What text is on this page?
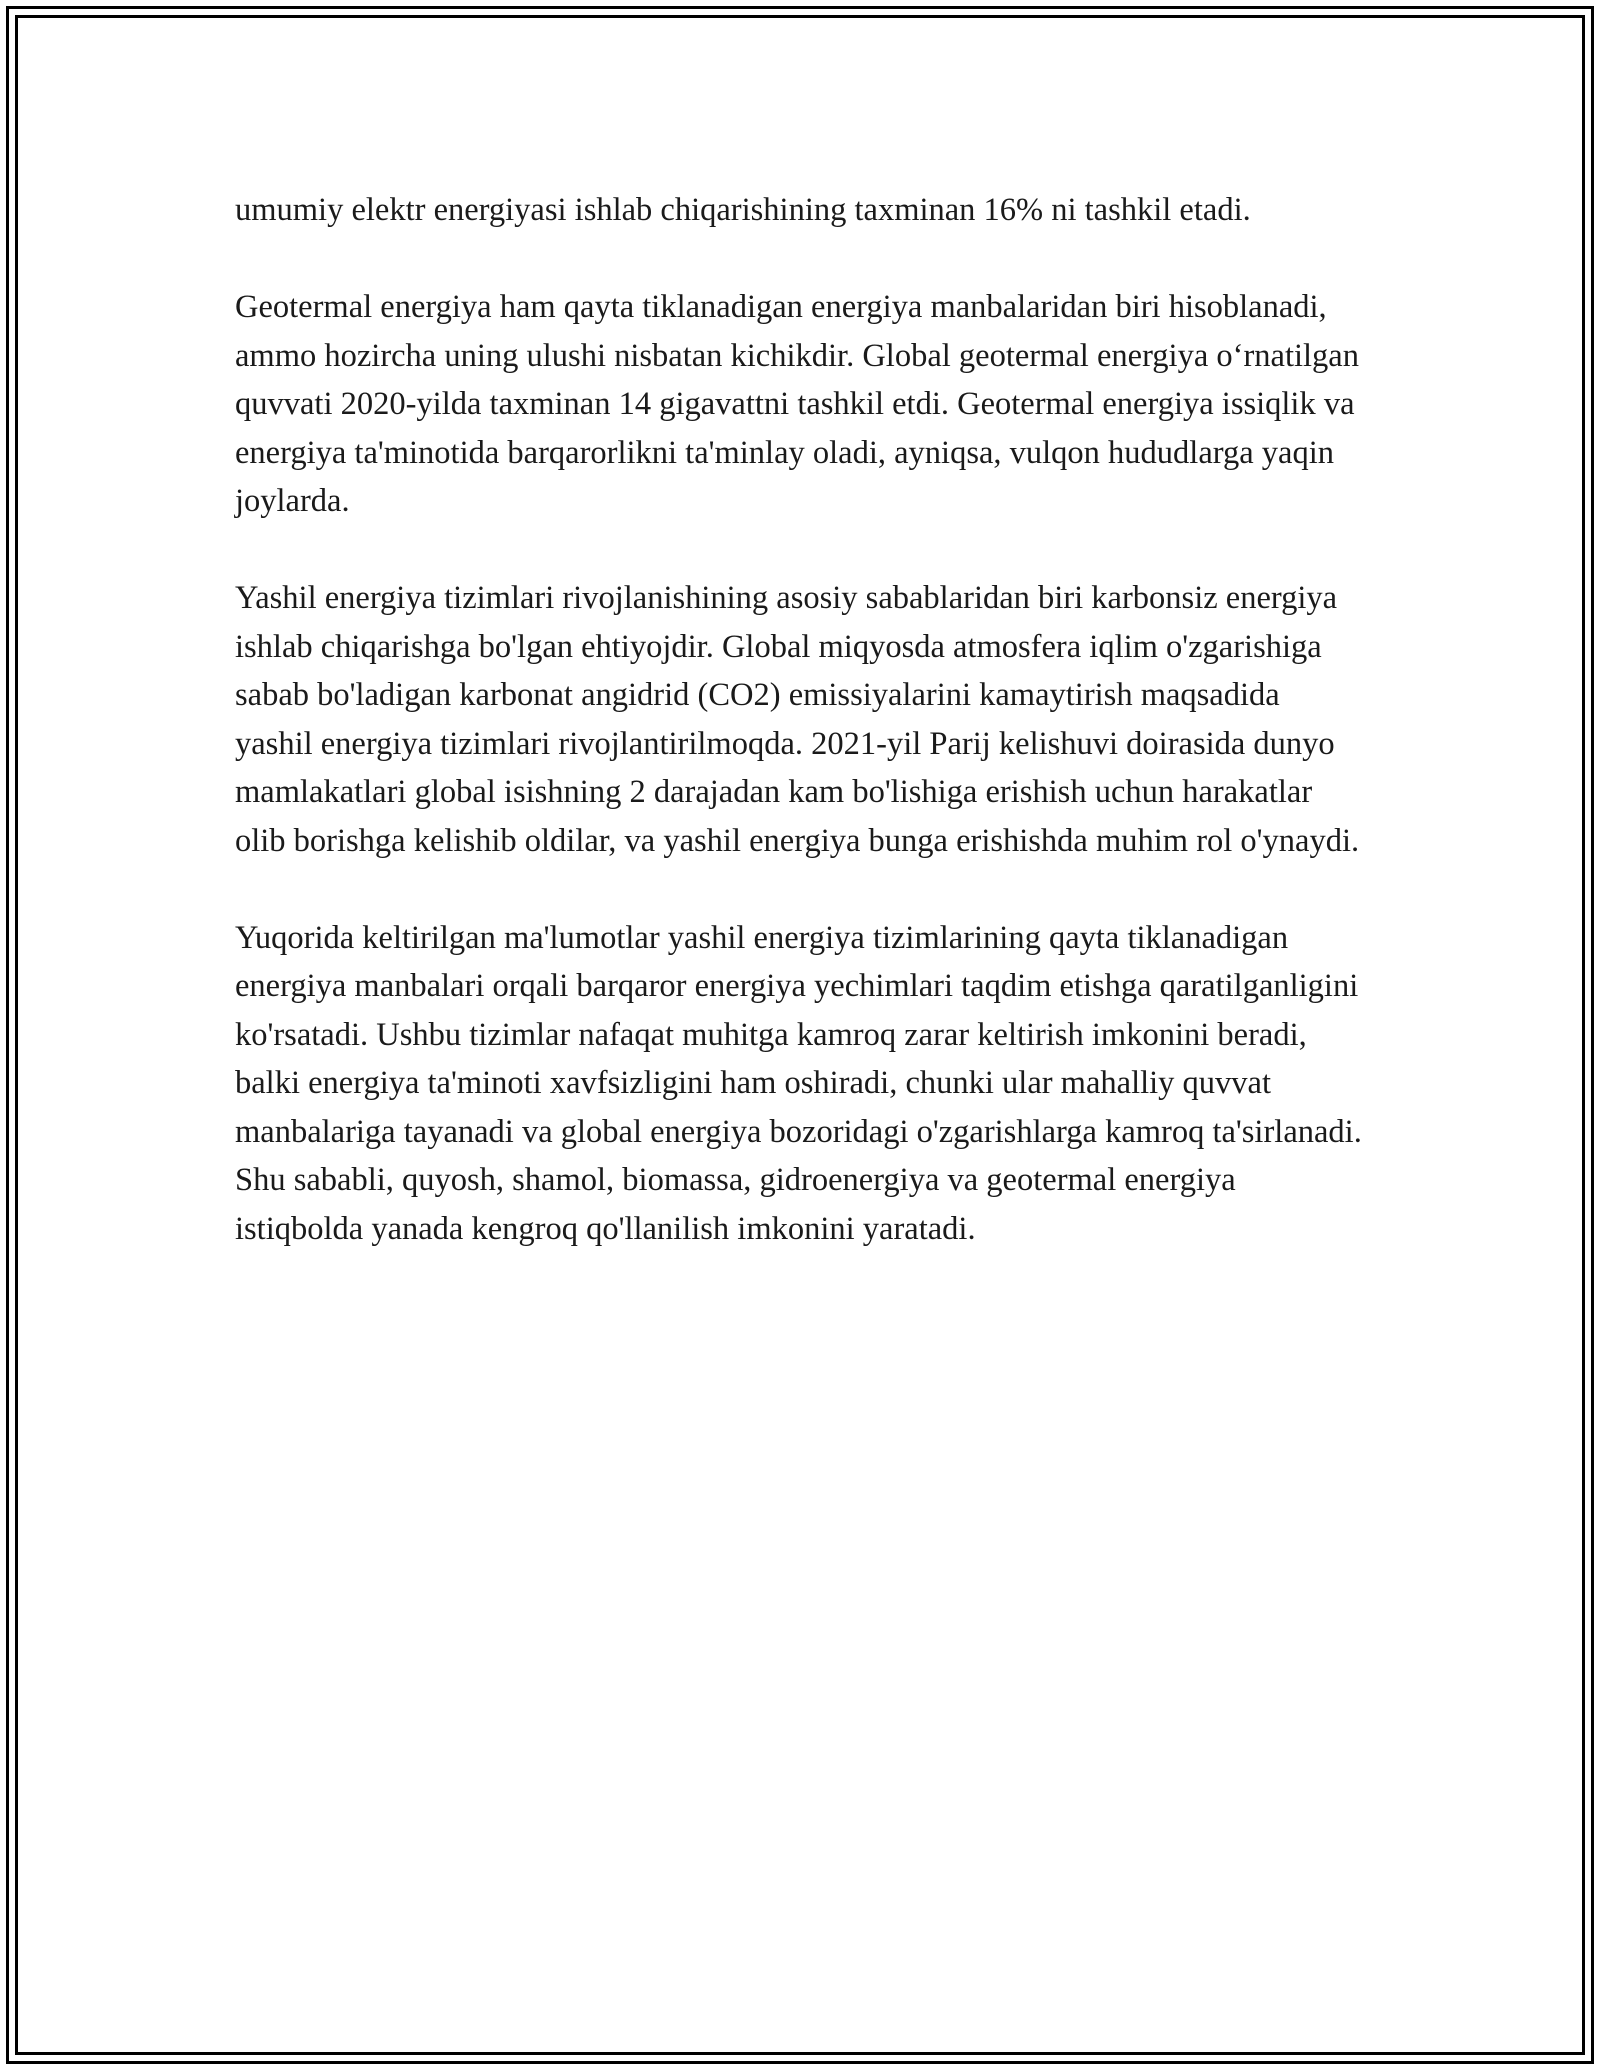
umumiy elektr energiyasi ishlab chiqarishining taxminan 16% ni tashkil etadi.

Geotermal energiya ham qayta tiklanadigan energiya manbalaridan biri hisoblanadi, ammo hozircha uning ulushi nisbatan kichikdir. Global geotermal energiya o‘rnatilgan quvvati 2020-yilda taxminan 14 gigavattni tashkil etdi. Geotermal energiya issiqlik va energiya ta'minotida barqarorlikni ta'minlay oladi, ayniqsa, vulqon hududlarga yaqin joylarda.

Yashil energiya tizimlari rivojlanishining asosiy sabablaridan biri karbonsiz energiya ishlab chiqarishga bo'lgan ehtiyojdir. Global miqyosda atmosfera iqlim o'zgarishiga sabab bo'ladigan karbonat angidrid (CO2) emissiyalarini kamaytirish maqsadida yashil energiya tizimlari rivojlantirilmoqda. 2021-yil Parij kelishuvi doirasida dunyo mamlakatlari global isishning 2 darajadan kam bo'lishiga erishish uchun harakatlar olib borishga kelishib oldilar, va yashil energiya bunga erishishda muhim rol o'ynaydi.

Yuqorida keltirilgan ma'lumotlar yashil energiya tizimlarining qayta tiklanadigan energiya manbalari orqali barqaror energiya yechimlari taqdim etishga qaratilganligini ko'rsatadi. Ushbu tizimlar nafaqat muhitga kamroq zarar keltirish imkonini beradi, balki energiya ta'minoti xavfsizligini ham oshiradi, chunki ular mahalliy quvvat manbalariga tayanadi va global energiya bozoridagi o'zgarishlarga kamroq ta'sirlanadi. Shu sababli, quyosh, shamol, biomassa, gidroenergiya va geotermal energiya istiqbolda yanada kengroq qo'llanilish imkonini yaratadi.
